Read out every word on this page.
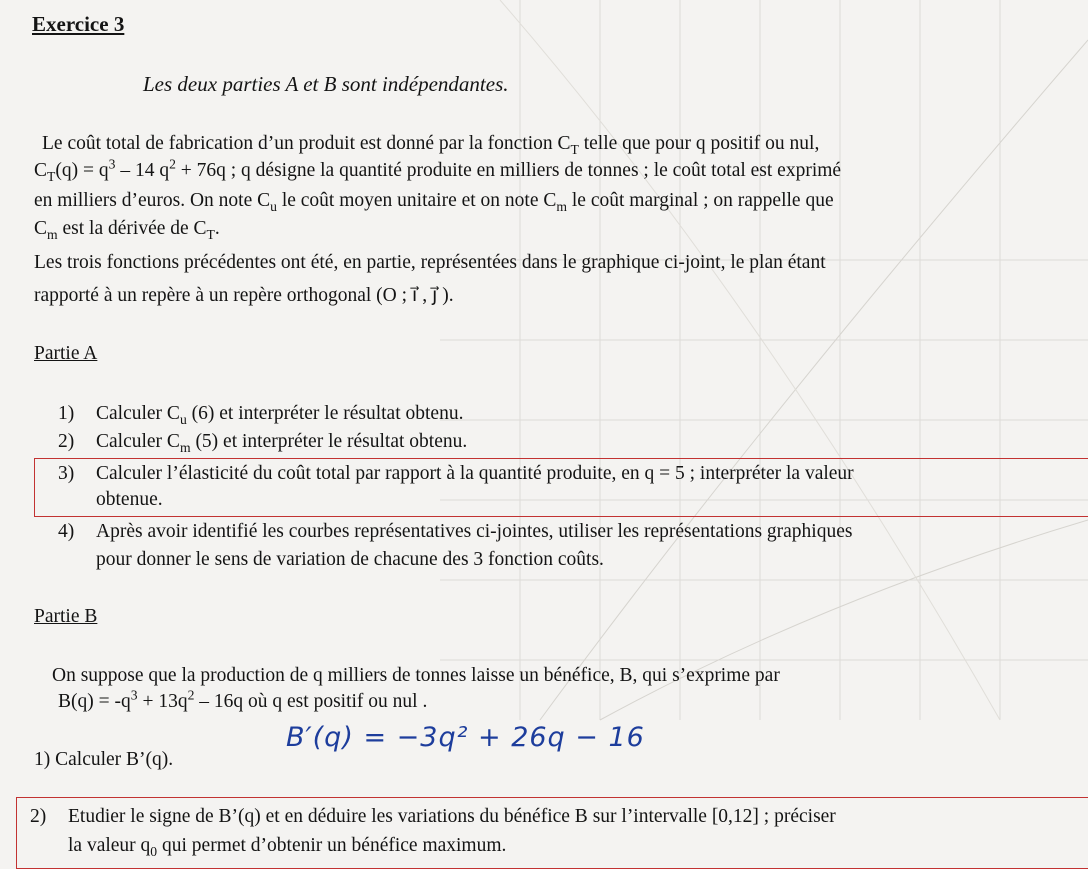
Exercice 3
Les deux parties A et B sont indépendantes.
Le coût total de fabrication d’un produit est donné par la fonction $C_T$ telle que pour q positif ou nul,
$C_T(q) = q^3 - 14$ $q^2 + 76q$ ; q désigne la quantité produite en milliers de tonnes ; le coût total est exprimé
en milliers d’euros. On note $C_u$ le coût moyen unitaire et on note $C_m$ le coût marginal ; on rappelle que
$C_m$ est la dérivée de $C_T$.
Les trois fonctions précédentes ont été, en partie, représentées dans le graphique ci-joint, le plan étant
rapporté à un repère à un repère orthogonal (O ; i⃗ , j⃗ ).
Partie A
1) Calculer $C_u$ (6) et interpréter le résultat obtenu.
2) Calculer $C_m$ (5) et interpréter le résultat obtenu.
3) Calculer l’élasticité du coût total par rapport à la quantité produite, en q = 5 ; interpréter la valeur
obtenue.
4) Après avoir identifié les courbes représentatives ci-jointes, utiliser les représentations graphiques
pour donner le sens de variation de chacune des 3 fonction coûts.
Partie B
On suppose que la production de q milliers de tonnes laisse un bénéfice, B, qui s’exprime par
$B(q) = -q^3 + 13q^2 - 16q$ où q est positif ou nul .
1) Calculer B’(q).
B′(q) = −3q² + 26q − 16
2) Etudier le signe de B’(q) et en déduire les variations du bénéfice B sur l’intervalle [0,12] ; préciser
la valeur $q_0$ qui permet d’obtenir un bénéfice maximum.
